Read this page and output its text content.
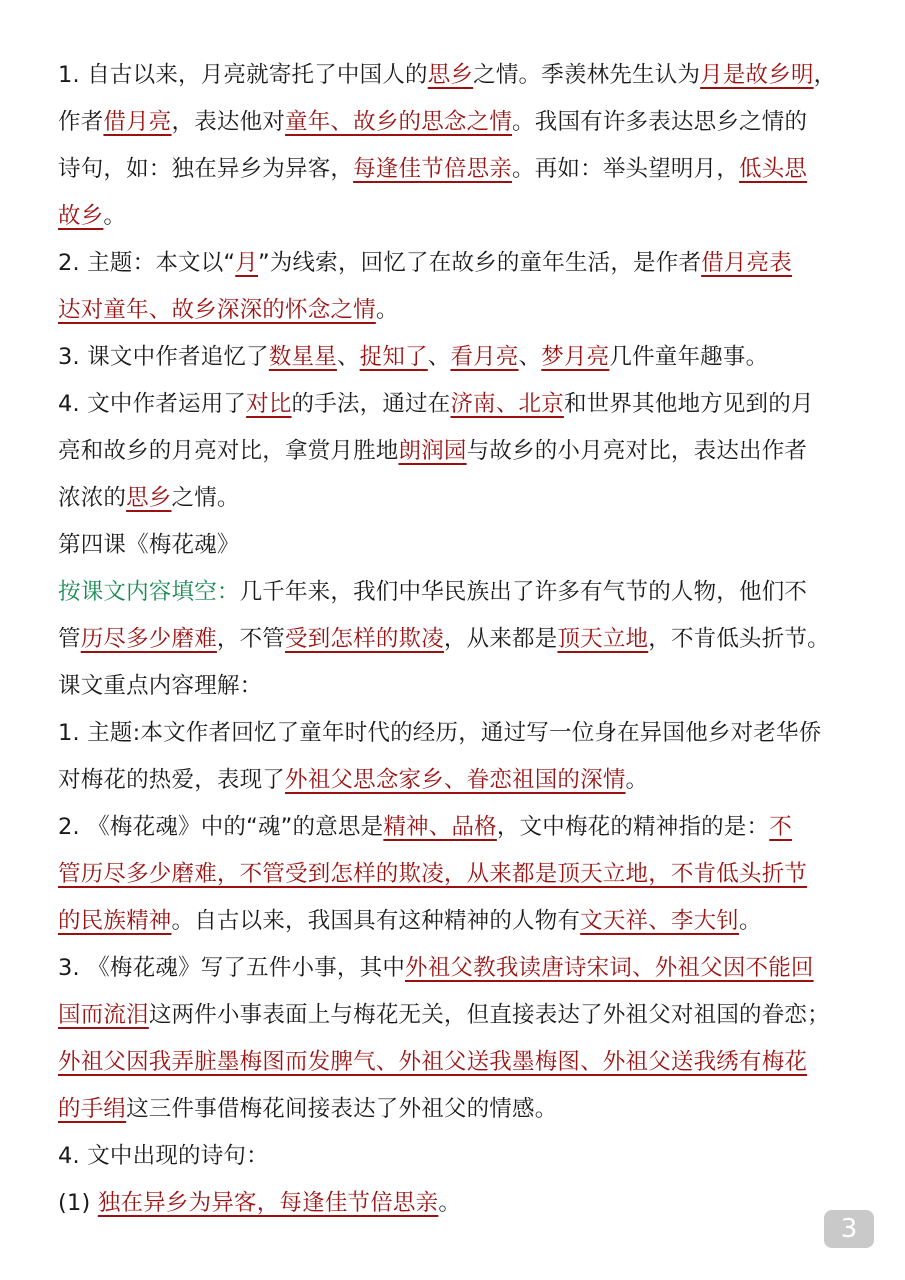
1. 自古以来，月亮就寄托了中国人的思乡之情。季羡林先生认为月是故乡明，
作者借月亮，表达他对童年、故乡的思念之情。我国有许多表达思乡之情的
诗句，如：独在异乡为异客，每逢佳节倍思亲。再如：举头望明月，低头思
故乡。
2. 主题：本文以“月”为线索，回忆了在故乡的童年生活，是作者借月亮表
达对童年、故乡深深的怀念之情。
3. 课文中作者追忆了数星星、捉知了、看月亮、梦月亮几件童年趣事。
4. 文中作者运用了对比的手法，通过在济南、北京和世界其他地方见到的月
亮和故乡的月亮对比，拿赏月胜地朗润园与故乡的小月亮对比，表达出作者
浓浓的思乡之情。
第四课《梅花魂》
按课文内容填空：几千年来，我们中华民族出了许多有气节的人物，他们不
管历尽多少磨难，不管受到怎样的欺凌，从来都是顶天立地，不肯低头折节。
课文重点内容理解：
1. 主题:本文作者回忆了童年时代的经历，通过写一位身在异国他乡对老华侨
对梅花的热爱，表现了外祖父思念家乡、眷恋祖国的深情。
2. 《梅花魂》中的“魂”的意思是精神、品格，文中梅花的精神指的是：不
管历尽多少磨难，不管受到怎样的欺凌，从来都是顶天立地，不肯低头折节
的民族精神。自古以来，我国具有这种精神的人物有文天祥、李大钊。
3. 《梅花魂》写了五件小事，其中外祖父教我读唐诗宋词、外祖父因不能回
国而流泪这两件小事表面上与梅花无关，但直接表达了外祖父对祖国的眷恋；
外祖父因我弄脏墨梅图而发脾气、外祖父送我墨梅图、外祖父送我绣有梅花
的手绢这三件事借梅花间接表达了外祖父的情感。
4. 文中出现的诗句：
(1) 独在异乡为异客，每逢佳节倍思亲。
3
